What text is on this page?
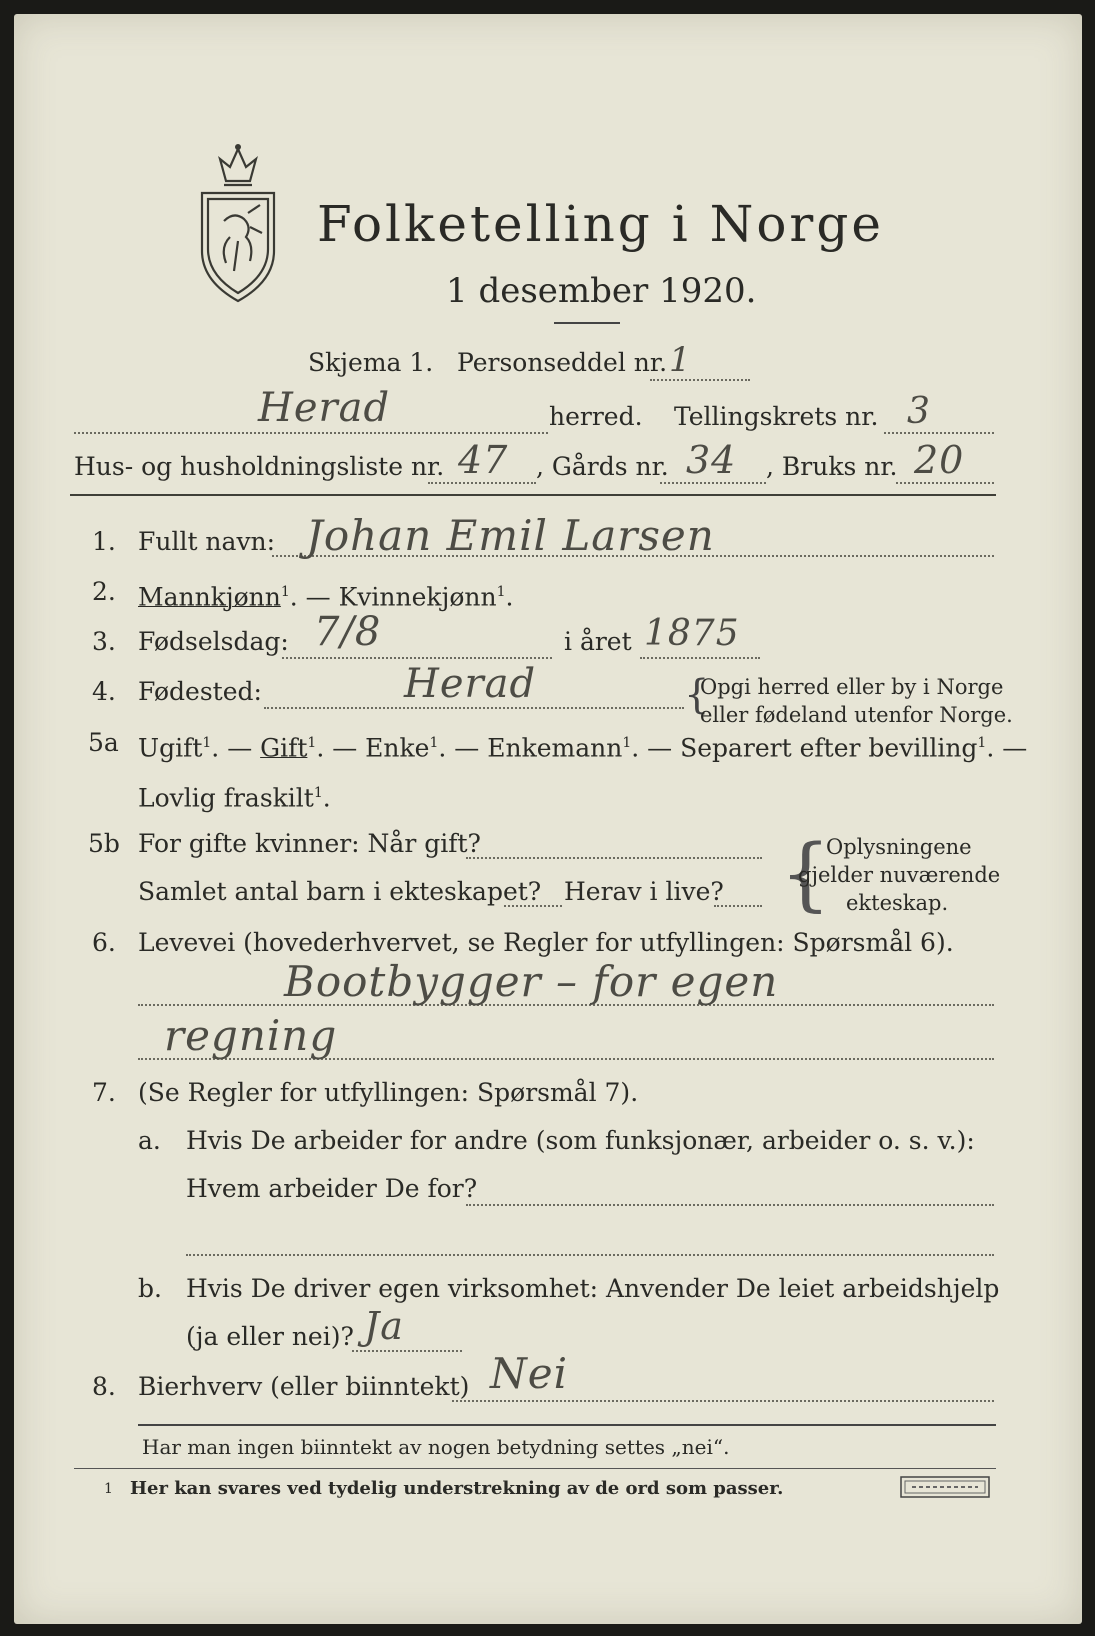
Folketelling i Norge
1 desember 1920.
Skjema 1. Personseddel nr. 1
Herad	herred. Tellingskrets nr. 3
Hus- og husholdningsliste nr. 47 , Gårds nr. 34 , Bruks nr. 20
1. Fullt navn: Johan Emil Larsen
2. Mannkjønn$^1$. — Kvinnekjønn$^1$.
3. Fødselsdag: 7/8	i året 1875
4. Fødested:	Herad	{
Opgi herred eller by i Norge
eller fødeland utenfor Norge.
5a Ugift$^1$. — Gift$^1$. — Enke$^1$. — Enkemann$^1$. — Separert efter bevilling$^1$. —
Lovlig fraskilt$^1$.
5b For gifte kvinner: Når gift?
Samlet antal barn i ekteskapet? Herav i live? {
Oplysningene
gjelder nuværende
ekteskap.
6. Levevei (hovederhvervet, se Regler for utfyllingen: Spørsmål 6).
Bootbygger – for egen
regning
7. (Se Regler for utfyllingen: Spørsmål 7).
a. Hvis De arbeider for andre (som funksjonær, arbeider o. s. v.):
Hvem arbeider De for?
b. Hvis De driver egen virksomhet: Anvender De leiet arbeidshjelp
(ja eller nei)? Ja
8. Bierhverv (eller biinntekt) Nei
Har man ingen biinntekt av nogen betydning settes „nei“.
1 Her kan svares ved tydelig understrekning av de ord som passer.
